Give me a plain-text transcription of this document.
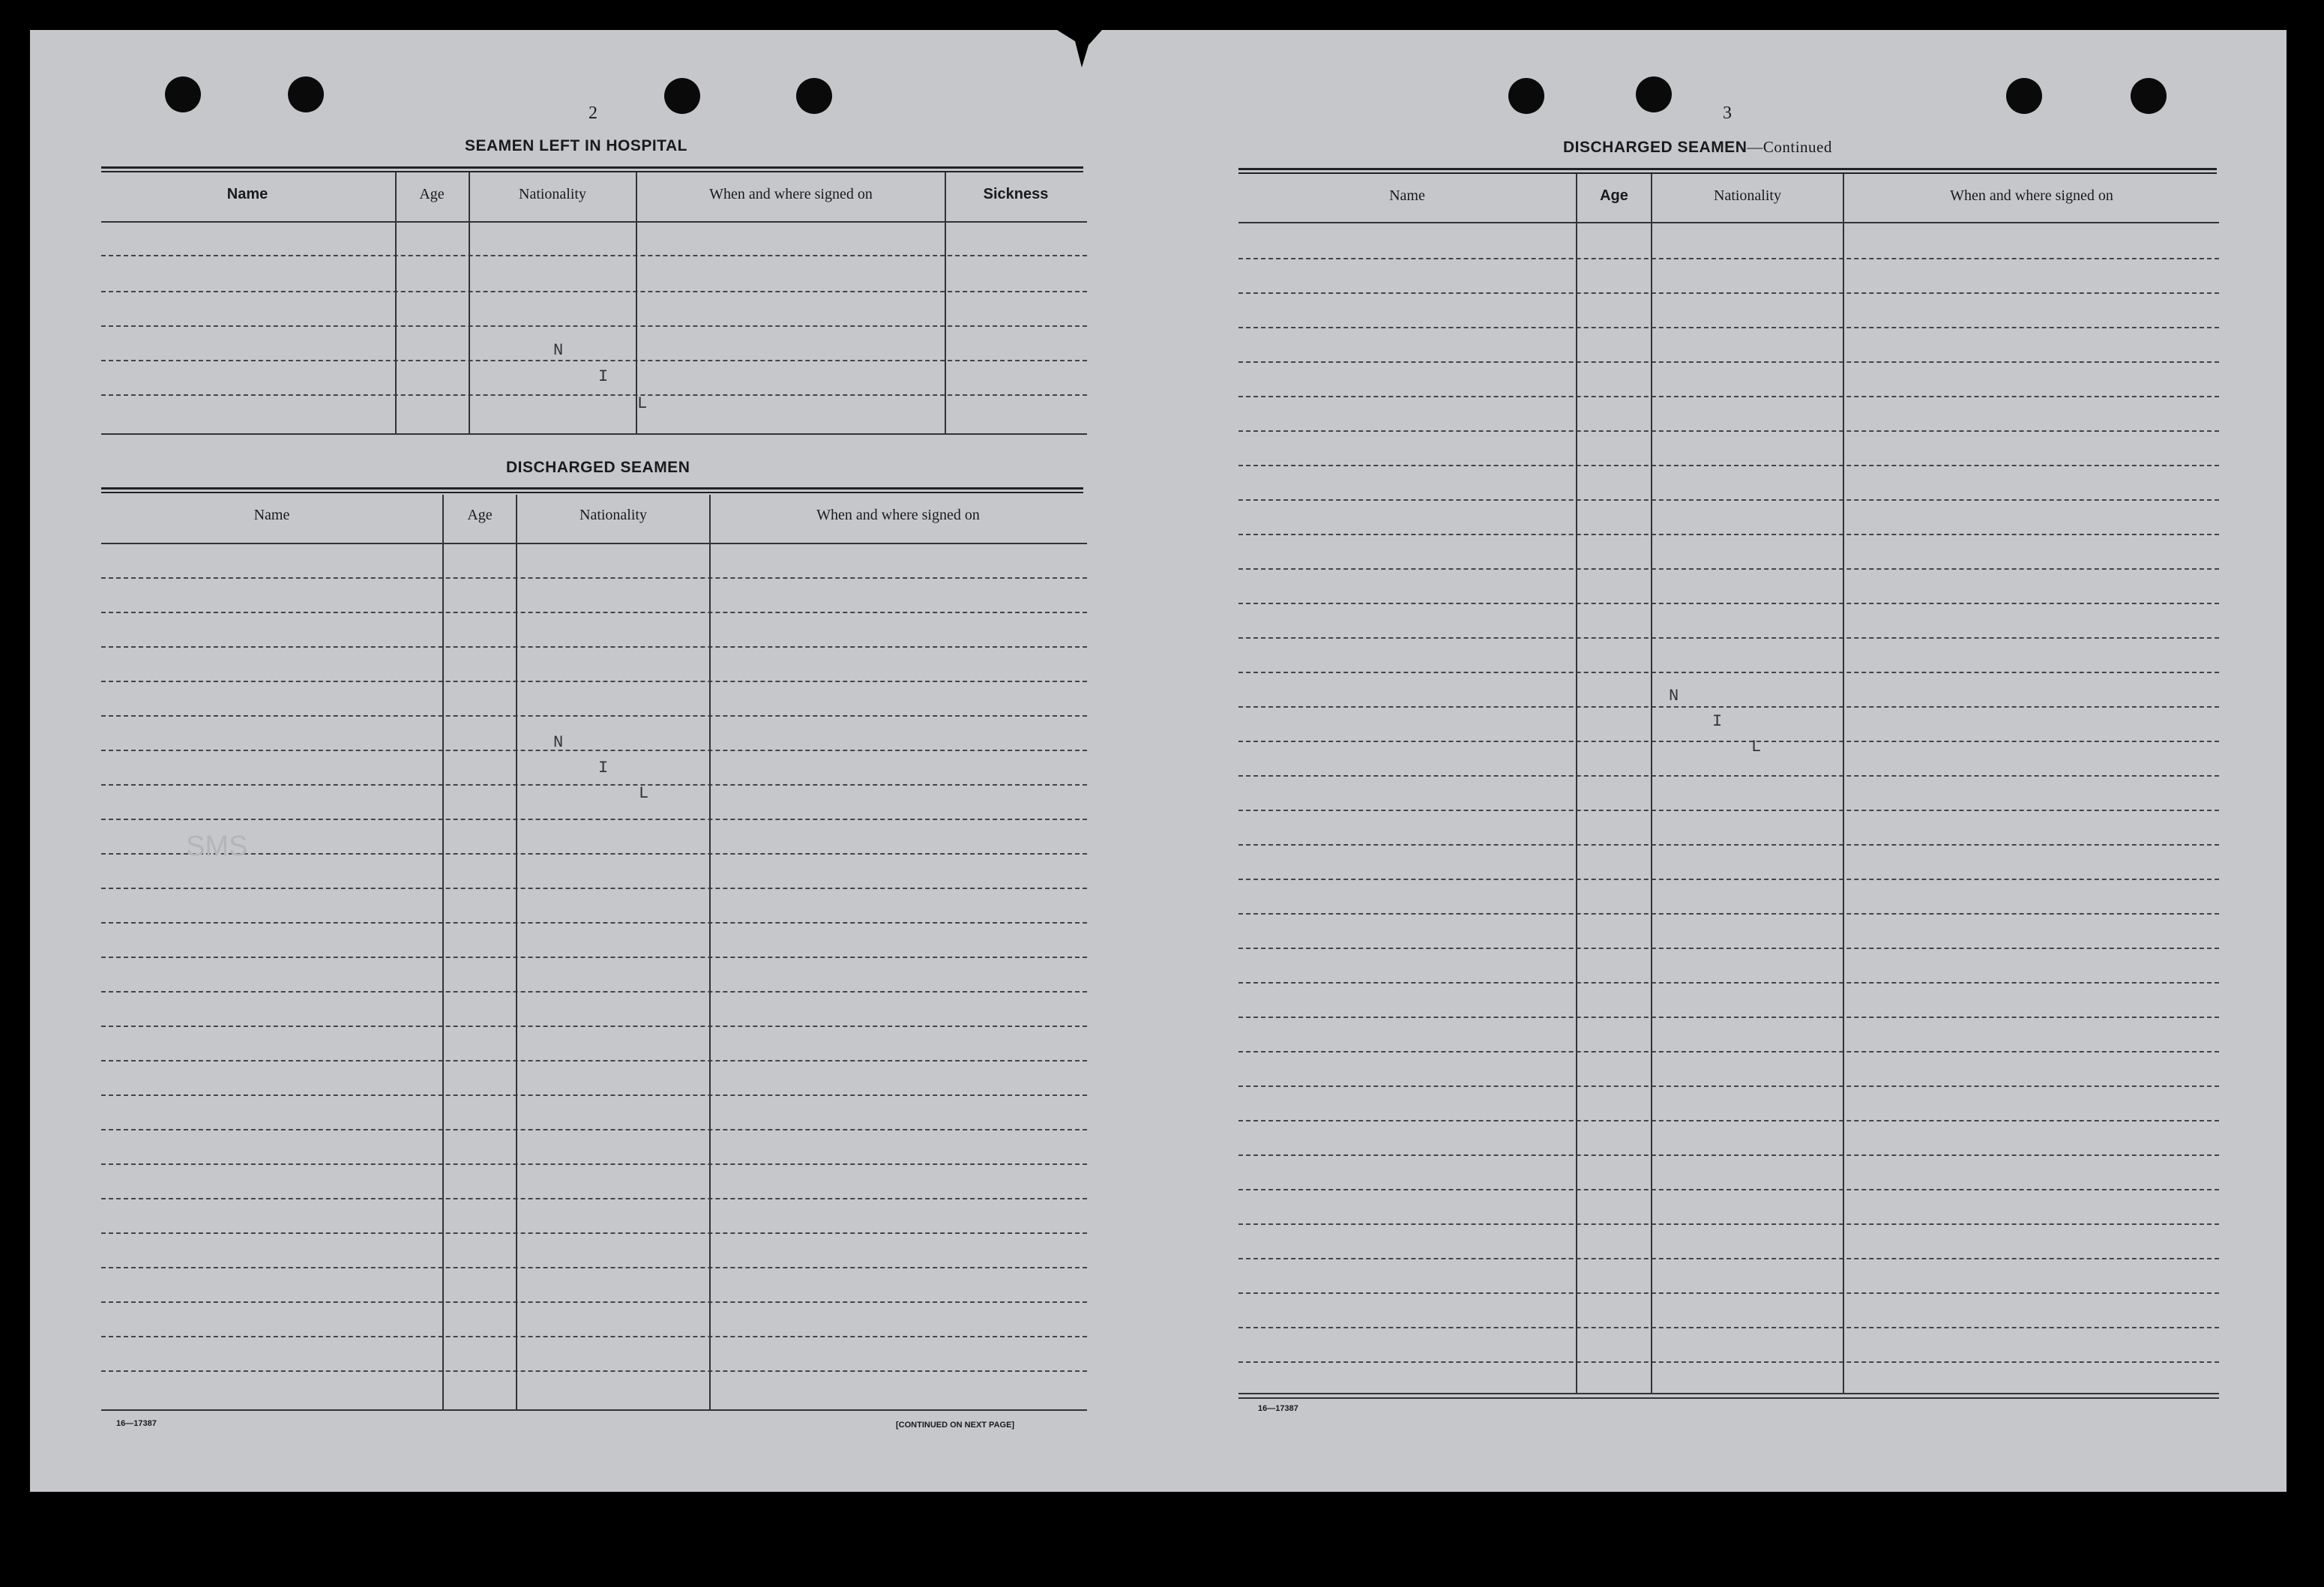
2
SEAMEN LEFT IN HOSPITAL
Name	Age	Nationality	When and where signed on	Sickness
N
I
L
DISCHARGED SEAMEN
Name	Age	Nationality	When and where signed on
N
I
L
SMS
16—17387	[CONTINUED ON NEXT PAGE]
3
DISCHARGED SEAMEN—Continued
Name	Age	Nationality	When and where signed on
N
I
L
16—17387
